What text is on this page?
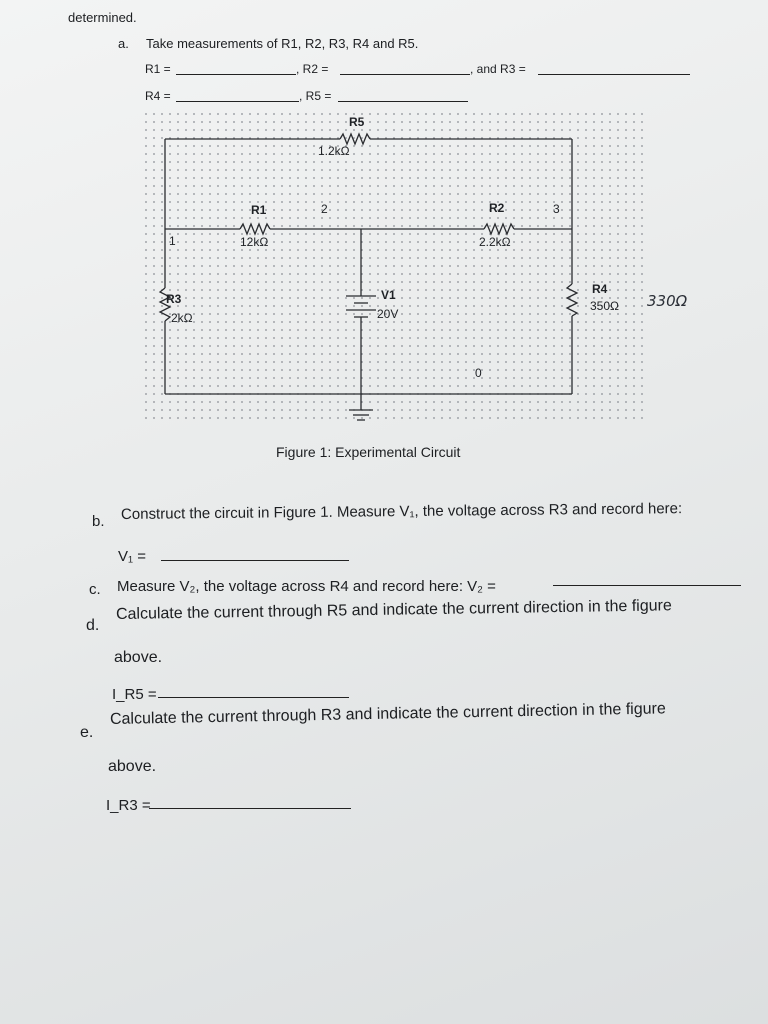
determined.
a. Take measurements of R1, R2, R3, R4 and R5.
R1 =	, R2 =	, and R3 =
R4 =	, R5 =
R5
1.2kΩ
R1
12kΩ
R2
2.2kΩ
R3
2kΩ
R4
350Ω
V1
20V
1
2	3
0
330Ω
Figure 1: Experimental Circuit
b. Construct the circuit in Figure 1. Measure V₁, the voltage across R3 and record here:
V₁ =
c. Measure V₂, the voltage across R4 and record here: V₂ =
d.
Calculate the current through R5 and indicate the current direction in the figure
above.
I_R5 =
e.
Calculate the current through R3 and indicate the current direction in the figure
above.
I_R3 =
